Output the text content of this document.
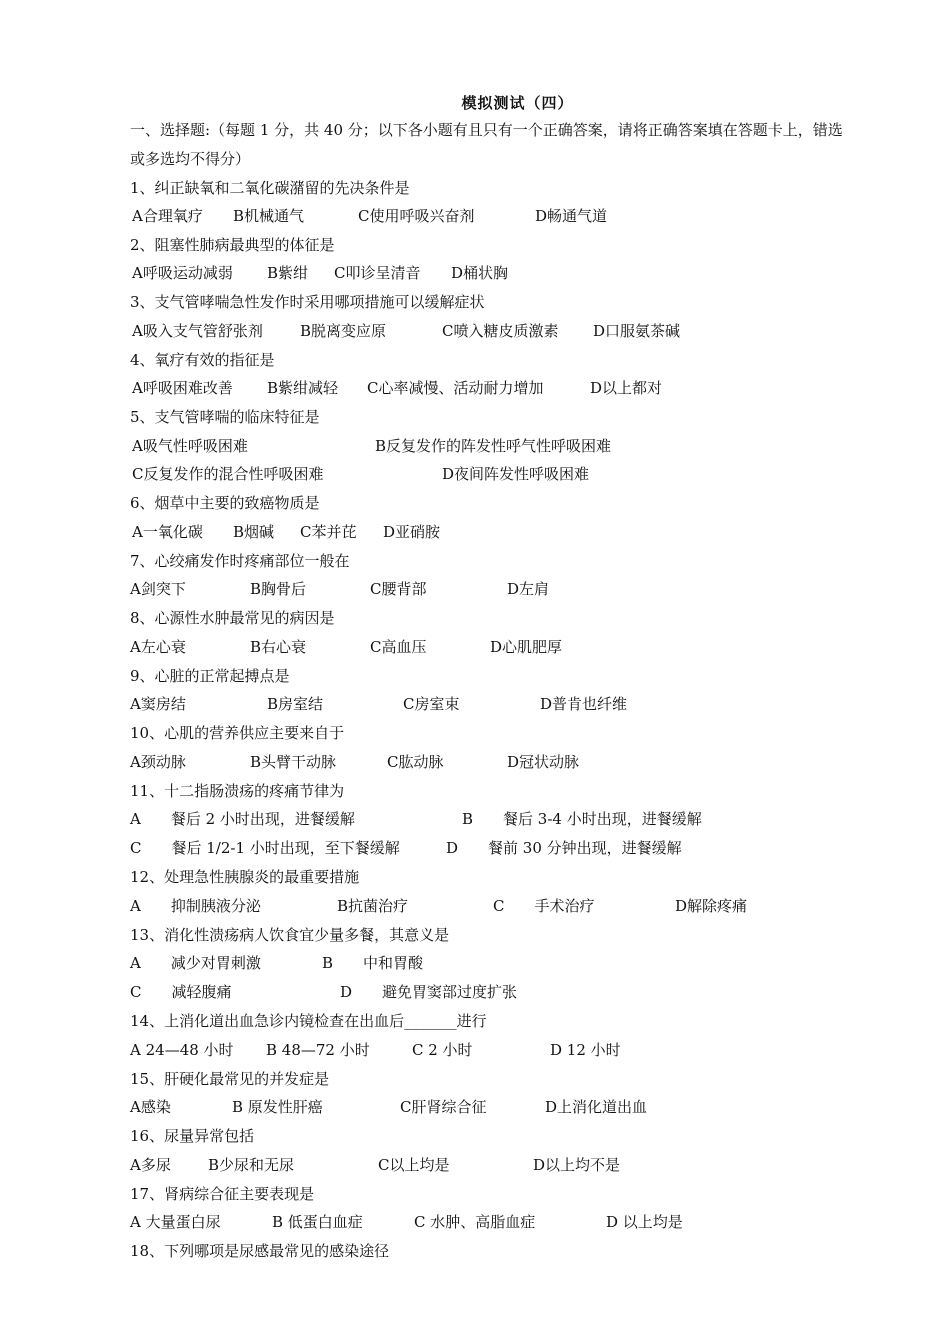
模拟测试（四）
一、选择题:（每题 1 分，共 40 分；以下各小题有且只有一个正确答案，请将正确答案填在答题卡上，错选
或多选均不得分）
1、纠正缺氧和二氧化碳潴留的先决条件是
A合理氧疗 B机械通气	C使用呼吸兴奋剂	D畅通气道
2、阻塞性肺病最典型的体征是
A呼吸运动减弱 B紫绀 C叩诊呈清音 D桶状胸
3、支气管哮喘急性发作时采用哪项措施可以缓解症状
A吸入支气管舒张剂 B脱离变应原	C喷入糖皮质激素 D口服氨茶碱
4、氧疗有效的指征是
A呼吸困难改善 B紫绀减轻 C心率减慢、活动耐力增加	D以上都对
5、支气管哮喘的临床特征是
A吸气性呼吸困难	B反复发作的阵发性呼气性呼吸困难
C反复发作的混合性呼吸困难	D夜间阵发性呼吸困难
6、烟草中主要的致癌物质是
A一氧化碳 B烟碱 C苯并芘 D亚硝胺
7、心绞痛发作时疼痛部位一般在
A剑突下	B胸骨后	C腰背部	D左肩
8、心源性水肿最常见的病因是
A左心衰	B右心衰	C高血压	D心肌肥厚
9、心脏的正常起搏点是
A窦房结	B房室结	C房室束	D普肯也纤维
10、心肌的营养供应主要来自于
A颈动脉	B头臂干动脉	C肱动脉	D冠状动脉
11、十二指肠溃疡的疼痛节律为
A　　餐后 2 小时出现，进餐缓解	B　　餐后 3-4 小时出现，进餐缓解
C　　餐后 1/2-1 小时出现，至下餐缓解	D　　餐前 30 分钟出现，进餐缓解
12、处理急性胰腺炎的最重要措施
A　　抑制胰液分泌	B抗菌治疗	C　　手术治疗	D解除疼痛
13、消化性溃疡病人饮食宜少量多餐，其意义是
A　　减少对胃刺激	B　　中和胃酸
C　　减轻腹痛	D　　避免胃窦部过度扩张
14、上消化道出血急诊内镜检查在出血后_______进行
A 24—48 小时 B 48—72 小时	C 2 小时	D 12 小时
15、肝硬化最常见的并发症是
A感染	B 原发性肝癌	C肝肾综合征	D上消化道出血
16、尿量异常包括
A多尿 B少尿和无尿	C以上均是	D以上均不是
17、肾病综合征主要表现是
A 大量蛋白尿	B 低蛋白血症	C 水肿、高脂血症	D 以上均是
18、下列哪项是尿感最常见的感染途径
